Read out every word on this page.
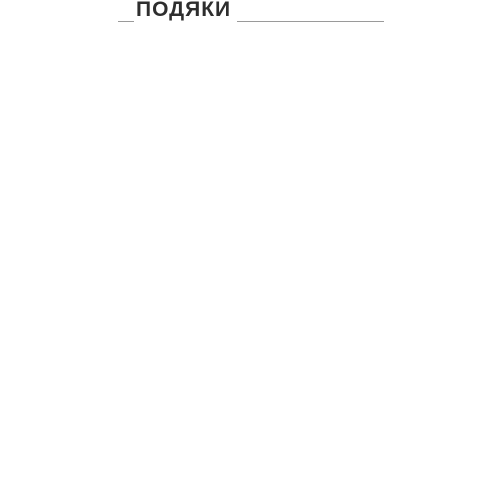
ПОДЯКИ
